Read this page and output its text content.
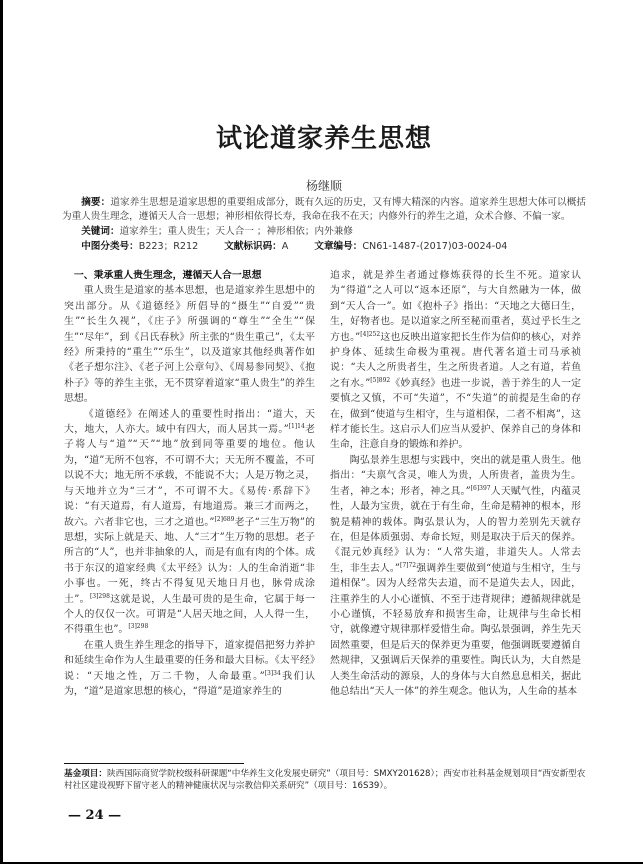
试论道家养生思想
杨继顺
摘要：道家养生思想是道家思想的重要组成部分，既有久远的历史，又有博大精深的内容。道家养生思想大体可以概括为重人贵生理念，遵循天人合一思想；神形相依得长寿，我命在我不在天；内修外行的养生之道，众术合修、不偏一家。
关键词：道家养生；重人贵生；天人合一 ；神形相依；内外兼修
中图分类号：B223；R212	文献标识码：A	文章编号：CN61-1487-(2017)03-0024-04
一、秉承重人贵生理念，遵循天人合一思想

重人贵生是道家的基本思想，也是道家养生思想中的突出部分。从《道德经》所倡导的“摄生”“自爱”“贵生”“长生久视”，《庄子》所强调的“尊生”“全生”“保生”“尽年”，到《吕氏春秋》所主张的“贵生重己”，《太平经》所秉持的“重生”“乐生”，以及道家其他经典著作如《老子想尔注》、《老子河上公章句》、《周易参同契》、《抱朴子》等的养生主张，无不贯穿着道家“重人贵生”的养生思想。

《道德经》在阐述人的重要性时指出：“道大，天大，地大，人亦大。域中有四大，而人居其一焉。”$^{[1]14}$老子将人与“道”“天”“地”放到同等重要的地位。他认为，“道”无所不包容，不可谓不大；天无所不覆盖，不可以说不大；地无所不承载，不能说不大；人是万物之灵，与天地并立为“三才”，不可谓不大。《易传·系辞下》说：“有天道焉，有人道焉，有地道焉。兼三才而两之，故六。六者非它也，三才之道也。”$^{[2]689}$老子“三生万物”的思想，实际上就是天、地、人“三才”生万物的思想。老子所言的“人”，也并非抽象的人，而是有血有肉的个体。成书于东汉的道家经典《太平经》认为：人的生命消逝“非小事也。一死，终古不得复见天地日月也，脉骨成涂土”。$^{[3]298}$这就是说，人生最可贵的是生命，它属于每一个人的仅仅一次。可谓是“人居天地之间，人人得一生，不得重生也”。$^{[3]298}$

在重人贵生养生理念的指导下，道家提倡把努力养护和延续生命作为人生最重要的任务和最大目标。《太平经》说：“天地之性，万二千物，人命最重。”$^{[3]34}$我们认为，“道”是道家思想的核心，“得道”是道家养生的

追求，就是养生者通过修炼获得的长生不死。道家认为“得道”之人可以“返本还原”，与大自然融为一体，做到“天人合一”。如《抱朴子》指出：“天地之大德曰生，生，好物者也。是以道家之所至秘而重者，莫过乎长生之方也。”$^{[4]252}$这也反映出道家把长生作为信仰的核心，对养护身体、延续生命极为重视。唐代著名道士司马承祯说：“夫人之所贵者生，生之所贵者道。人之有道，若鱼之有水。”$^{[5]892}$《妙真经》也进一步说，善于养生的人一定要慎之又慎，不可“失道”，不“失道”的前提是生命的存在，做到“使道与生相守，生与道相保，二者不相离”，这样才能长生。这启示人们应当从爱护、保养自己的身体和生命，注意自身的锻炼和养护。

陶弘景养生思想与实践中，突出的就是重人贵生。他指出：“夫禀气含灵，唯人为贵，人所贵者，盖贵为生。生者，神之本；形者，神之具。”$^{[6]397}$人天赋气性，内蕴灵性，人最为宝贵，就在于有生命，生命是精神的根本，形貌是精神的载体。陶弘景认为，人的智力差别先天就存在，但是体质强弱、寿命长短，则是取决于后天的保养。《混元妙真经》认为：“人常失道，非道失人。人常去生，非生去人。”$^{[7]72}$强调养生要做到“使道与生相守，生与道相保”。因为人经常失去道，而不是道失去人，因此，注重养生的人小心谨慎、不至于违背规律；遵循规律就是小心谨慎，不轻易放弃和损害生命，让规律与生命长相守，就像遵守规律那样爱惜生命。陶弘景强调，养生先天固然重要，但是后天的保养更为重要，他强调既要遵循自然规律，又强调后天保养的重要性。陶氏认为，大自然是人类生命活动的源泉，人的身体与大自然息息相关，据此他总结出“天人一体”的养生观念。他认为，人生命的基本

基金项目：陕西国际商贸学院校级科研课题“中华养生文化发展史研究”（项目号：SMXY201628）；西安市社科基金规划项目“西安新型农村社区建设视野下留守老人的精神健康状况与宗教信仰关系研究”（项目号：16S39）。
— 24 —
